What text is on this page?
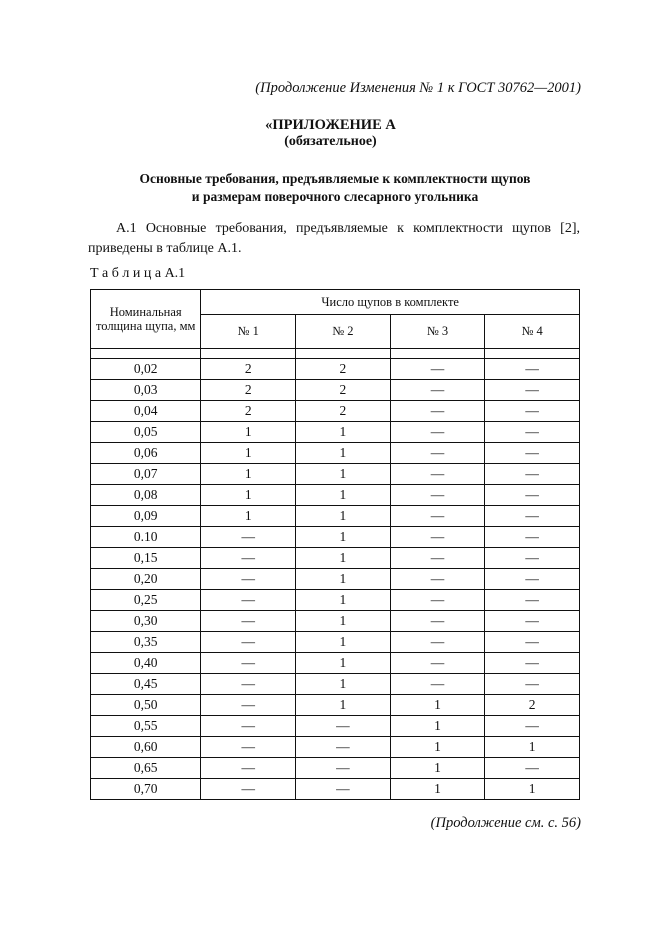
(Продолжение Изменения № 1 к ГОСТ 30762—2001)
«ПРИЛОЖЕНИЕ А
(обязательное)
Основные требования, предъявляемые к комплектности щупов
и размерам поверочного слесарного угольника
А.1 Основные требования, предъявляемые к комплектности щупов [2], приведены в таблице А.1.
Т а б л и ц а А.1
Номинальная толщина щупа, мм	Число щупов в комплекте			
	№ 1	№ 2	№ 3	№ 4

0,02	2	2	—	—
0,03	2	2	—	—
0,04	2	2	—	—
0,05	1	1	—	—
0,06	1	1	—	—
0,07	1	1	—	—
0,08	1	1	—	—
0,09	1	1	—	—
0.10	—	1	—	—
0,15	—	1	—	—
0,20	—	1	—	—
0,25	—	1	—	—
0,30	—	1	—	—
0,35	—	1	—	—
0,40	—	1	—	—
0,45	—	1	—	—
0,50	—	1	1	2
0,55	—	—	1	—
0,60	—	—	1	1
0,65	—	—	1	—
0,70	—	—	1	1
(Продолжение см. с. 56)
